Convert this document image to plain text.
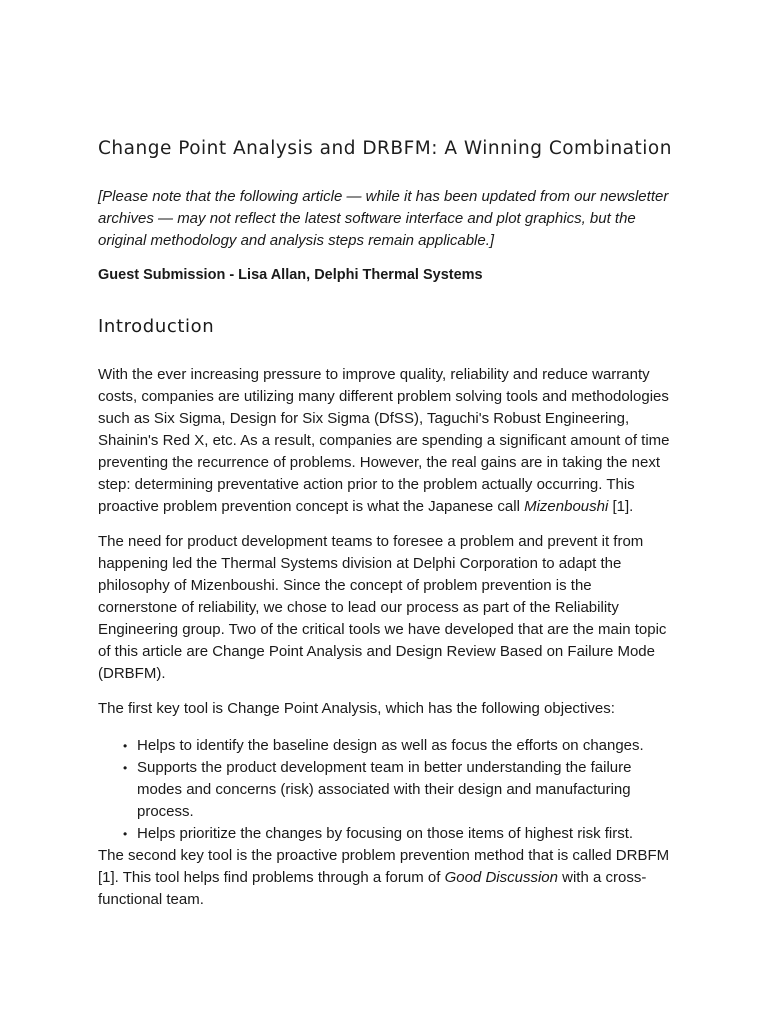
Change Point Analysis and DRBFM: A Winning Combination

[Please note that the following article — while it has been updated from our newsletter archives — may not reflect the latest software interface and plot graphics, but the original methodology and analysis steps remain applicable.]

Guest Submission - Lisa Allan, Delphi Thermal Systems

Introduction

With the ever increasing pressure to improve quality, reliability and reduce warranty costs, companies are utilizing many different problem solving tools and methodologies such as Six Sigma, Design for Six Sigma (DfSS), Taguchi's Robust Engineering, Shainin's Red X, etc. As a result, companies are spending a significant amount of time preventing the recurrence of problems. However, the real gains are in taking the next step: determining preventative action prior to the problem actually occurring. This proactive problem prevention concept is what the Japanese call Mizenboushi [1].

The need for product development teams to foresee a problem and prevent it from happening led the Thermal Systems division at Delphi Corporation to adapt the philosophy of Mizenboushi. Since the concept of problem prevention is the cornerstone of reliability, we chose to lead our process as part of the Reliability Engineering group. Two of the critical tools we have developed that are the main topic of this article are Change Point Analysis and Design Review Based on Failure Mode (DRBFM).

The first key tool is Change Point Analysis, which has the following objectives:

• Helps to identify the baseline design as well as focus the efforts on changes.
• Supports the product development team in better understanding the failure modes and concerns (risk) associated with their design and manufacturing process.
• Helps prioritize the changes by focusing on those items of highest risk first.

The second key tool is the proactive problem prevention method that is called DRBFM [1]. This tool helps find problems through a forum of Good Discussion with a cross-functional team.
